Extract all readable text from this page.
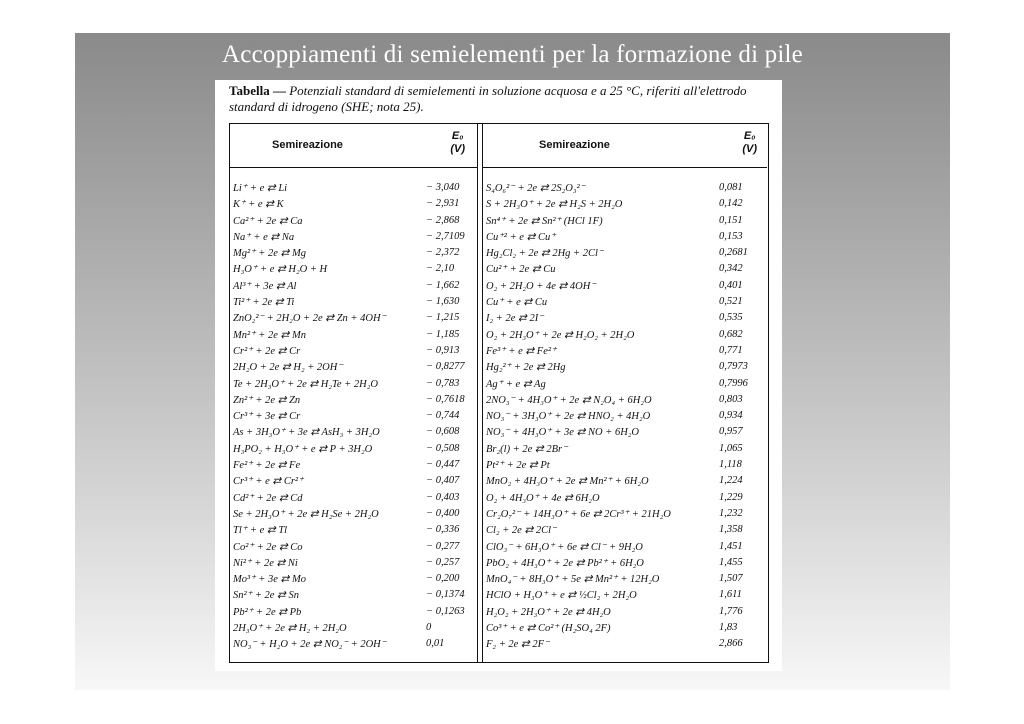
Accoppiamenti di semielementi per la formazione di pile
Tabella — Potenziali standard di semielementi in soluzione acquosa e a 25 °C, riferiti all'elettrodo standard di idrogeno (SHE; nota 25).
Semireazione
E₀
(V)
Li⁺ + e ⇄ Li	− 3,040
K⁺ + e ⇄ K	− 2,931
Ca²⁺ + 2e ⇄ Ca	− 2,868
Na⁺ + e ⇄ Na	− 2,7109
Mg²⁺ + 2e ⇄ Mg	− 2,372
H₃O⁺ + e ⇄ H₂O + H	− 2,10
Al³⁺ + 3e ⇄ Al	− 1,662
Ti²⁺ + 2e ⇄ Ti	− 1,630
ZnO₂²⁻ + 2H₂O + 2e ⇄ Zn + 4OH⁻	− 1,215
Mn²⁺ + 2e ⇄ Mn	− 1,185
Cr²⁺ + 2e ⇄ Cr	− 0,913
2H₂O + 2e ⇄ H₂ + 2OH⁻	− 0,8277
Te + 2H₃O⁺ + 2e ⇄ H₂Te + 2H₂O	− 0,783
Zn²⁺ + 2e ⇄ Zn	− 0,7618
Cr³⁺ + 3e ⇄ Cr	− 0,744
As + 3H₃O⁺ + 3e ⇄ AsH₃ + 3H₂O	− 0,608
H₃PO₂ + H₃O⁺ + e ⇄ P + 3H₂O	− 0,508
Fe²⁺ + 2e ⇄ Fe	− 0,447
Cr³⁺ + e ⇄ Cr²⁺	− 0,407
Cd²⁺ + 2e ⇄ Cd	− 0,403
Se + 2H₃O⁺ + 2e ⇄ H₂Se + 2H₂O	− 0,400
Tl⁺ + e ⇄ Tl	− 0,336
Co²⁺ + 2e ⇄ Co	− 0,277
Ni²⁺ + 2e ⇄ Ni	− 0,257
Mo³⁺ + 3e ⇄ Mo	− 0,200
Sn²⁺ + 2e ⇄ Sn	− 0,1374
Pb²⁺ + 2e ⇄ Pb	− 0,1263
2H₃O⁺ + 2e ⇄ H₂ + 2H₂O	0
NO₃⁻ + H₂O + 2e ⇄ NO₂⁻ + 2OH⁻	0,01
Semireazione
E₀
(V)
S₄O₆²⁻ + 2e ⇄ 2S₂O₃²⁻	0,081
S + 2H₃O⁺ + 2e ⇄ H₂S + 2H₂O	0,142
Sn⁴⁺ + 2e ⇄ Sn²⁺ (HCl 1F)	0,151
Cu⁺² + e ⇄ Cu⁺	0,153
Hg₂Cl₂ + 2e ⇄ 2Hg + 2Cl⁻	0,2681
Cu²⁺ + 2e ⇄ Cu	0,342
O₂ + 2H₂O + 4e ⇄ 4OH⁻	0,401
Cu⁺ + e ⇄ Cu	0,521
I₂ + 2e ⇄ 2I⁻	0,535
O₂ + 2H₃O⁺ + 2e ⇄ H₂O₂ + 2H₂O	0,682
Fe³⁺ + e ⇄ Fe²⁺	0,771
Hg₂²⁺ + 2e ⇄ 2Hg	0,7973
Ag⁺ + e ⇄ Ag	0,7996
2NO₃⁻ + 4H₃O⁺ + 2e ⇄ N₂O₄ + 6H₂O	0,803
NO₃⁻ + 3H₃O⁺ + 2e ⇄ HNO₂ + 4H₂O	0,934
NO₃⁻ + 4H₃O⁺ + 3e ⇄ NO + 6H₂O	0,957
Br₂(l) + 2e ⇄ 2Br⁻	1,065
Pt²⁺ + 2e ⇄ Pt	1,118
MnO₂ + 4H₃O⁺ + 2e ⇄ Mn²⁺ + 6H₂O	1,224
O₂ + 4H₃O⁺ + 4e ⇄ 6H₂O	1,229
Cr₂O₇²⁻ + 14H₃O⁺ + 6e ⇄ 2Cr³⁺ + 21H₂O	1,232
Cl₂ + 2e ⇄ 2Cl⁻	1,358
ClO₃⁻ + 6H₃O⁺ + 6e ⇄ Cl⁻ + 9H₂O	1,451
PbO₂ + 4H₃O⁺ + 2e ⇄ Pb²⁺ + 6H₂O	1,455
MnO₄⁻ + 8H₃O⁺ + 5e ⇄ Mn²⁺ + 12H₂O	1,507
HClO + H₃O⁺ + e ⇄ ½Cl₂ + 2H₂O	1,611
H₂O₂ + 2H₃O⁺ + 2e ⇄ 4H₂O	1,776
Co³⁺ + e ⇄ Co²⁺ (H₂SO₄ 2F)	1,83
F₂ + 2e ⇄ 2F⁻	2,866
